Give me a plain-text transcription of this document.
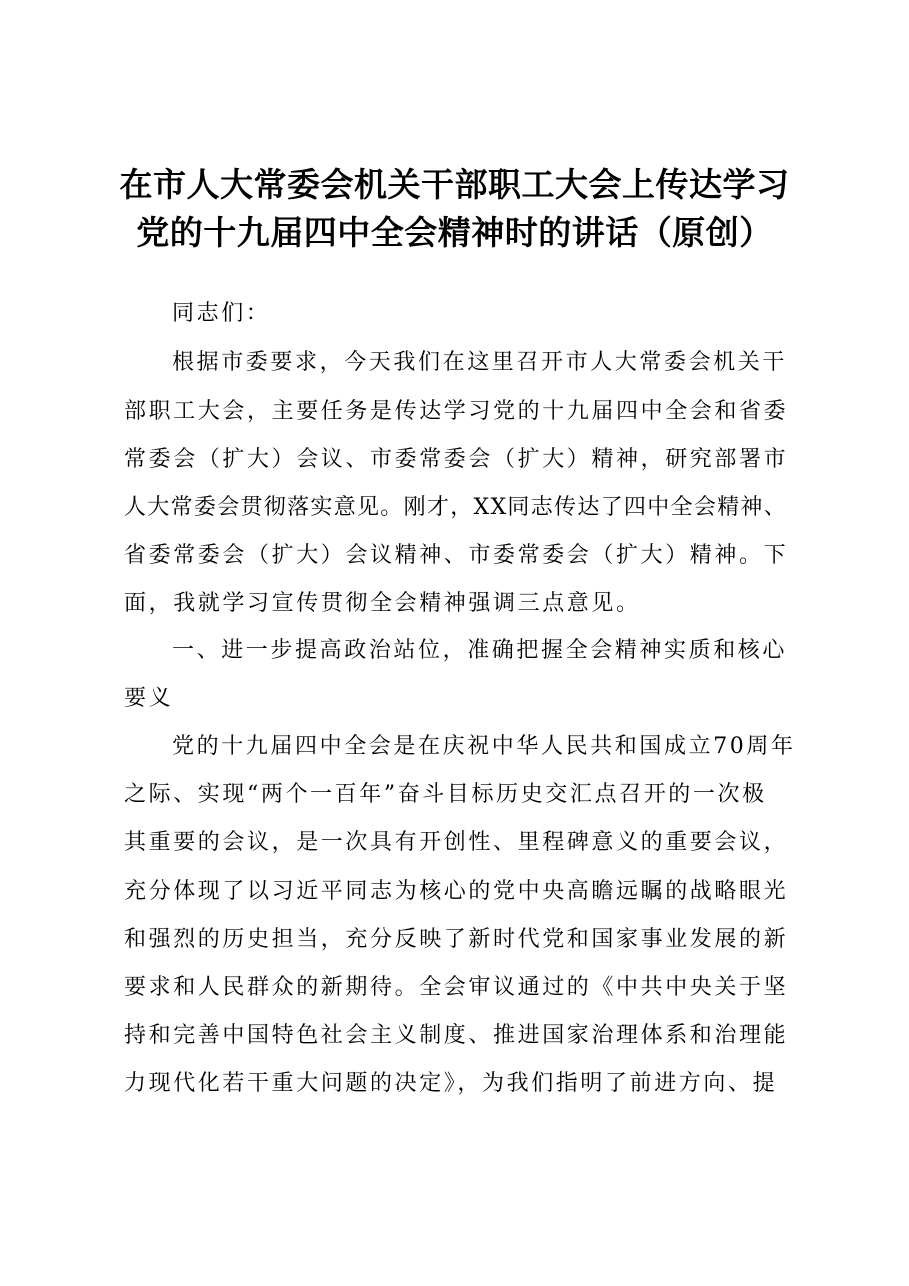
在市人大常委会机关干部职工大会上传达学习
党的十九届四中全会精神时的讲话（原创）
同志们：
根据市委要求，今天我们在这里召开市人大常委会机关干
部职工大会，主要任务是传达学习党的十九届四中全会和省委
常委会（扩大）会议、市委常委会（扩大）精神，研究部署市
人大常委会贯彻落实意见。刚才，XX同志传达了四中全会精神、
省委常委会（扩大）会议精神、市委常委会（扩大）精神。下
面，我就学习宣传贯彻全会精神强调三点意见。
一、进一步提高政治站位，准确把握全会精神实质和核心
要义
党的十九届四中全会是在庆祝中华人民共和国成立70周年
之际、实现“两个一百年”奋斗目标历史交汇点召开的一次极
其重要的会议，是一次具有开创性、里程碑意义的重要会议，
充分体现了以习近平同志为核心的党中央高瞻远瞩的战略眼光
和强烈的历史担当，充分反映了新时代党和国家事业发展的新
要求和人民群众的新期待。全会审议通过的《中共中央关于坚
持和完善中国特色社会主义制度、推进国家治理体系和治理能
力现代化若干重大问题的决定》，为我们指明了前进方向、提
